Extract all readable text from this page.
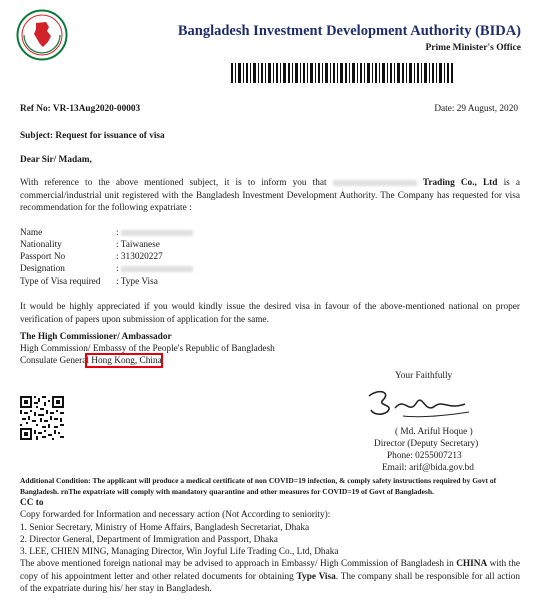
Bangladesh Investment Development Authority (BIDA)
Prime Minister's Office
Ref No: VR-13Aug2020-00003	Date: 29 August, 2020
Subject: Request for issuance of visa
Dear Sir/ Madam,
With reference to the above mentioned subject, it is to inform you that	Trading Co., Ltd is a commercial/industrial unit registered with the Bangladesh Investment Development Authority. The Company has requested for visa recommendation for the following expatriate :
Name	:
Nationality	: Taiwanese
Passport No	: 313020227
Designation	:
Type of Visa required : Type Visa
It would be highly appreciated if you would kindly issue the desired visa in favour of the above-mentioned national on proper verification of papers upon submission of application for the same.
The High Commissioner/ Ambassador
High Commission/ Embassy of the People's Republic of Bangladesh
Consulate General Hong Kong, China
Your Faithfully
( Md. Ariful Hoque )
Director (Deputy Secretary)
Phone: 0255007213
Email: arif@bida.gov.bd
Additional Condition: The applicant will produce a medical certificate of non COVID=19 infection, & comply safety instructions required by Govt of Bangladesh. rnThe expatriate will comply with mandatory quarantine and other measures for COVID=19 of Govt of Bangladesh.
CC to
Copy forwarded for Information and necessary action (Not According to seniority):
1. Senior Secretary, Ministry of Home Affairs, Bangladesh Secretariat, Dhaka
2. Director General, Department of Immigration and Passport, Dhaka
3. LEE, CHIEN MING, Managing Director, Win Joyful Life Trading Co., Ltd, Dhaka
The above mentioned foreign national may be advised to approach in Embassy/ High Commission of Bangladesh in CHINA with the copy of his appointment letter and other related documents for obtaining Type Visa. The company shall be responsible for all action of the expatriate during his/ her stay in Bangladesh.
